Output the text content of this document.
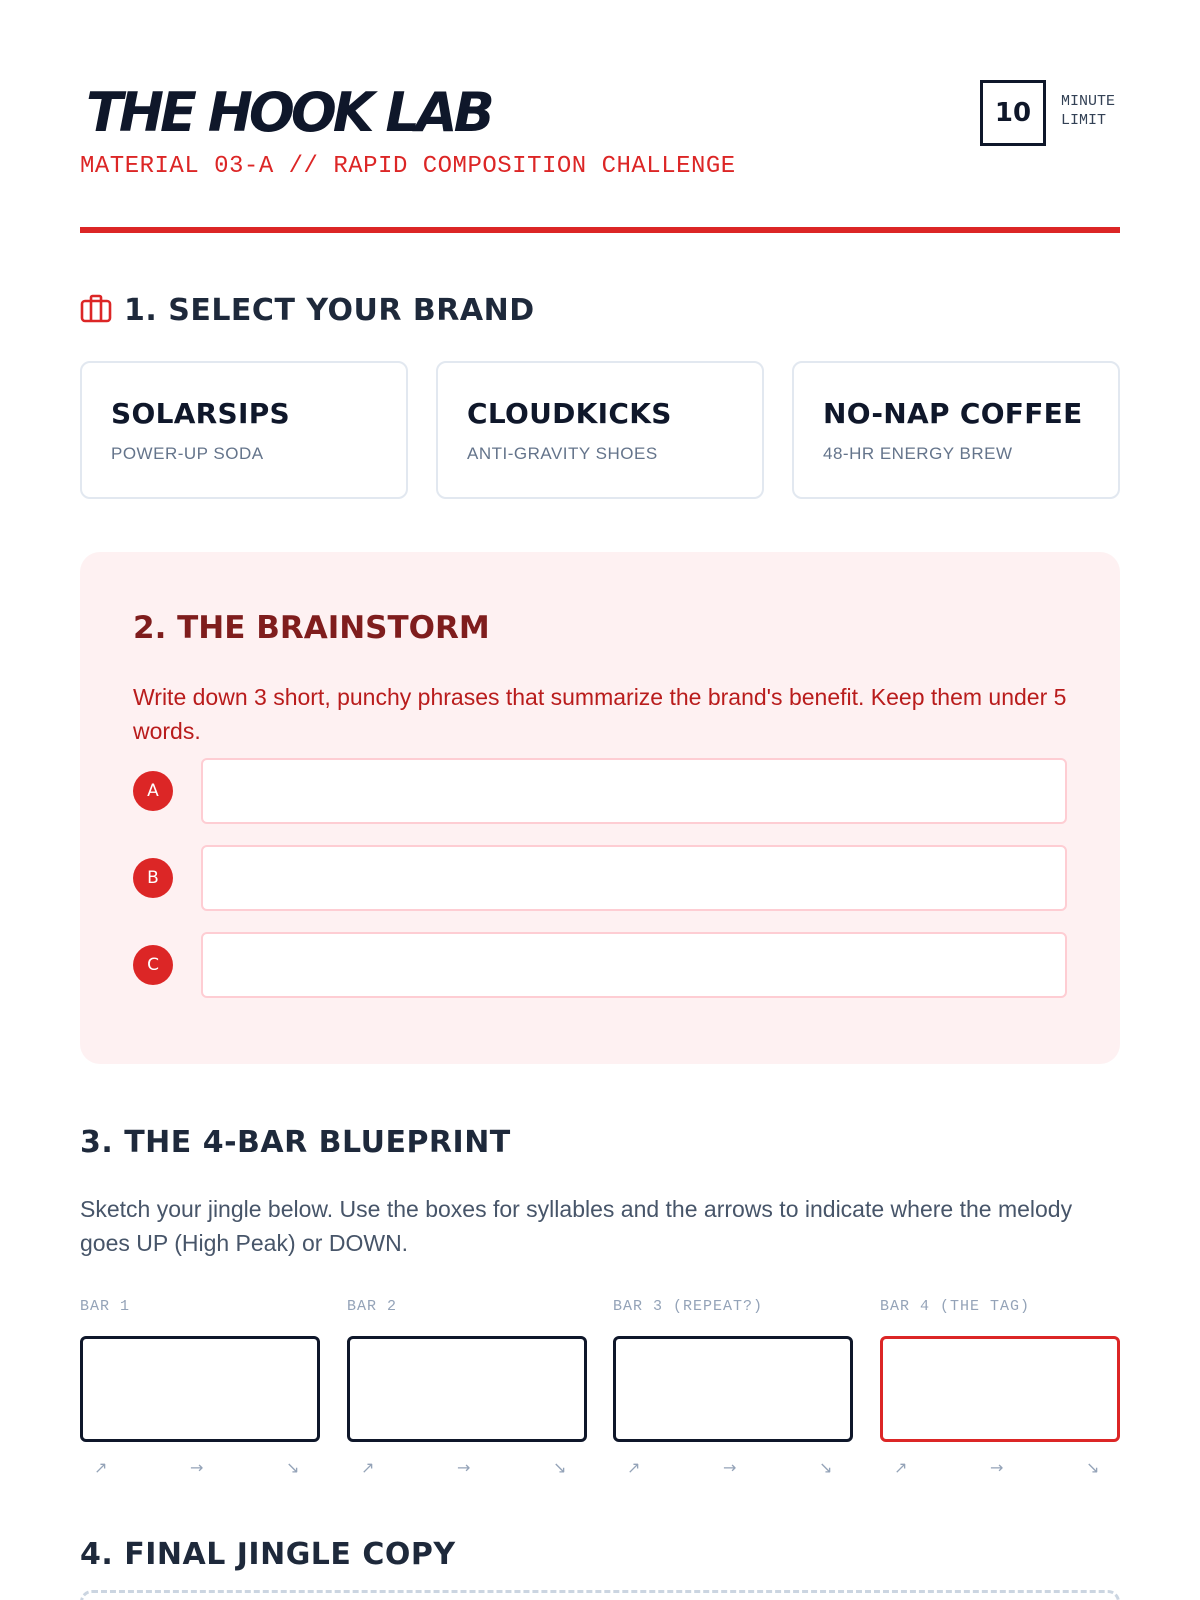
THE HOOK LAB
MATERIAL 03-A // RAPID COMPOSITION CHALLENGE
10	MINUTE
LIMIT
1. SELECT YOUR BRAND
SOLARSIPS
POWER-UP SODA
CLOUDKICKS
ANTI-GRAVITY SHOES
NO-NAP COFFEE
48-HR ENERGY BREW
2. THE BRAINSTORM
Write down 3 short, punchy phrases that summarize the brand's benefit. Keep them under 5 words.
A
B
C
3. THE 4-BAR BLUEPRINT
Sketch your jingle below. Use the boxes for syllables and the arrows to indicate where the melody goes UP (High Peak) or DOWN.
BAR 1
↗	→	↘
BAR 2
↗	→	↘
BAR 3 (REPEAT?)
↗	→	↘
BAR 4 (THE TAG)
↗	→	↘
4. FINAL JINGLE COPY
